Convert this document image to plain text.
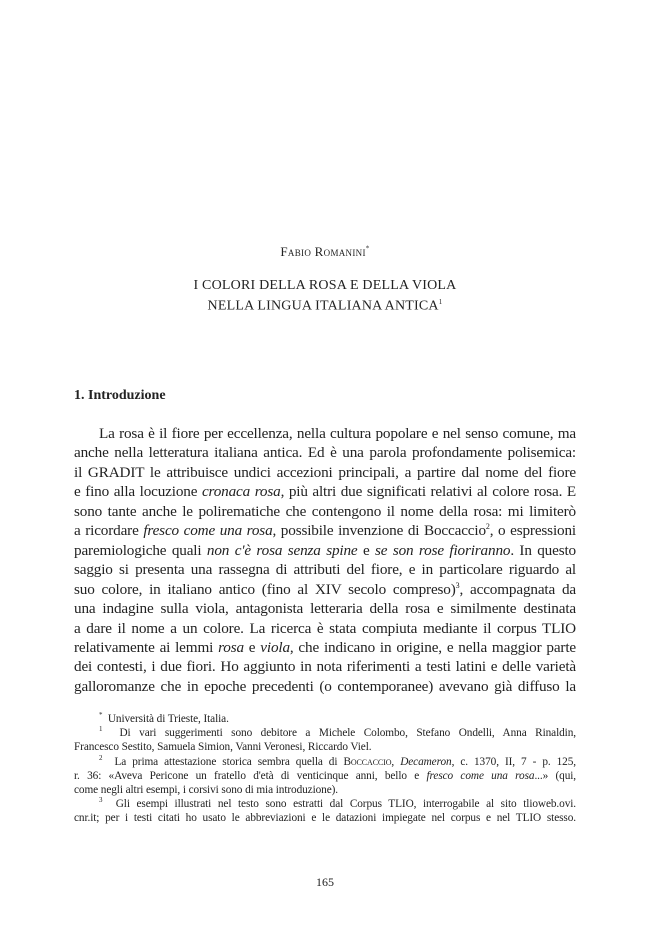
Fabio Romanini*
I COLORI DELLA ROSA E DELLA VIOLA
NELLA LINGUA ITALIANA ANTICA$^1$
1. Introduzione
La rosa è il fiore per eccellenza, nella cultura popolare e nel senso comune, ma
anche nella letteratura italiana antica. Ed è una parola profondamente polisemica:
il GRADIT le attribuisce undici accezioni principali, a partire dal nome del fiore
e fino alla locuzione cronaca rosa, più altri due significati relativi al colore rosa. E
sono tante anche le polirematiche che contengono il nome della rosa: mi limiterò
a ricordare fresco come una rosa, possibile invenzione di Boccaccio$^2$, o espressioni
paremiologiche quali non c'è rosa senza spine e se son rose fioriranno. In questo
saggio si presenta una rassegna di attributi del fiore, e in particolare riguardo al
suo colore, in italiano antico (fino al XIV secolo compreso)$^3$, accompagnata da
una indagine sulla viola, antagonista letteraria della rosa e similmente destinata
a dare il nome a un colore. La ricerca è stata compiuta mediante il corpus TLIO
relativamente ai lemmi rosa e viola, che indicano in origine, e nella maggior parte
dei contesti, i due fiori. Ho aggiunto in nota riferimenti a testi latini e delle varietà
galloromanze che in epoche precedenti (o contemporanee) avevano già diffuso la
* Università di Trieste, Italia.
$^1$ Di vari suggerimenti sono debitore a Michele Colombo, Stefano Ondelli, Anna Rinaldin,
Francesco Sestito, Samuela Simion, Vanni Veronesi, Riccardo Viel.
$^2$ La prima attestazione storica sembra quella di Boccaccio, Decameron, c. 1370, II, 7 - p. 125,
r. 36: «Aveva Pericone un fratello d'età di venticinque anni, bello e fresco come una rosa...» (qui,
come negli altri esempi, i corsivi sono di mia introduzione).
$^3$ Gli esempi illustrati nel testo sono estratti dal Corpus TLIO, interrogabile al sito tlioweb.ovi.
cnr.it; per i testi citati ho usato le abbreviazioni e le datazioni impiegate nel corpus e nel TLIO stesso.
165
